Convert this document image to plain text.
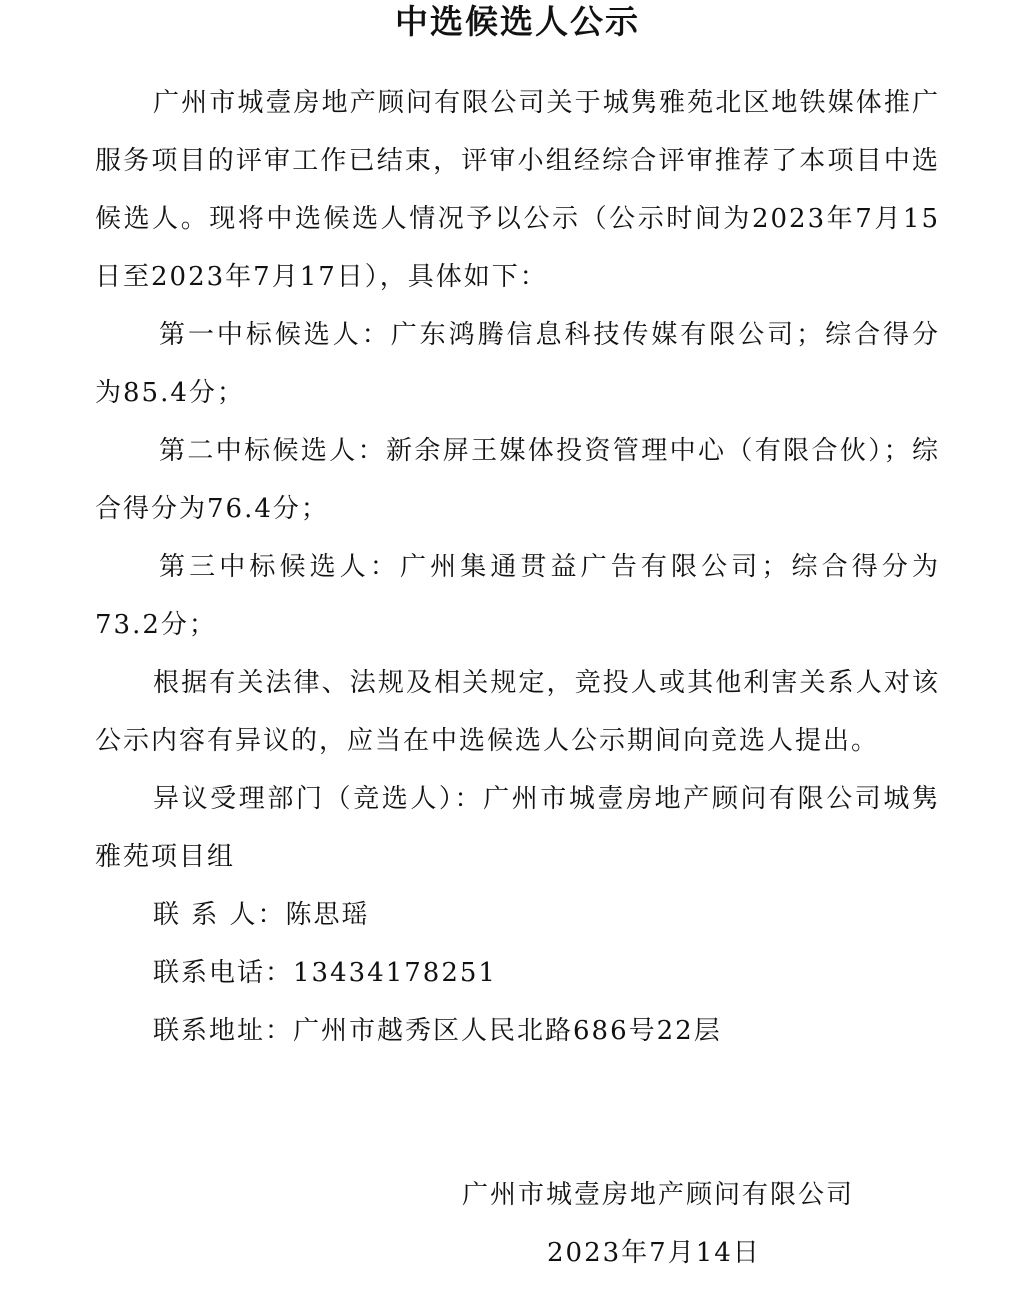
中选候选人公示

广州市城壹房地产顾问有限公司关于城隽雅苑北区地铁媒体推广服务项目的评审工作已结束，评审小组经综合评审推荐了本项目中选候选人。现将中选候选人情况予以公示（公示时间为2023年7月15日至2023年7月17日），具体如下：

第一中标候选人：广东鸿腾信息科技传媒有限公司；综合得分为85.4分；

第二中标候选人：新余屏王媒体投资管理中心（有限合伙）；综合得分为76.4分；

第三中标候选人：广州集通贯益广告有限公司；综合得分为73.2分；

根据有关法律、法规及相关规定，竞投人或其他利害关系人对该公示内容有异议的，应当在中选候选人公示期间向竞选人提出。

异议受理部门（竞选人）：广州市城壹房地产顾问有限公司城隽雅苑项目组

联 系 人：陈思瑶

联系电话：13434178251

联系地址：广州市越秀区人民北路686号22层

广州市城壹房地产顾问有限公司
2023年7月14日
